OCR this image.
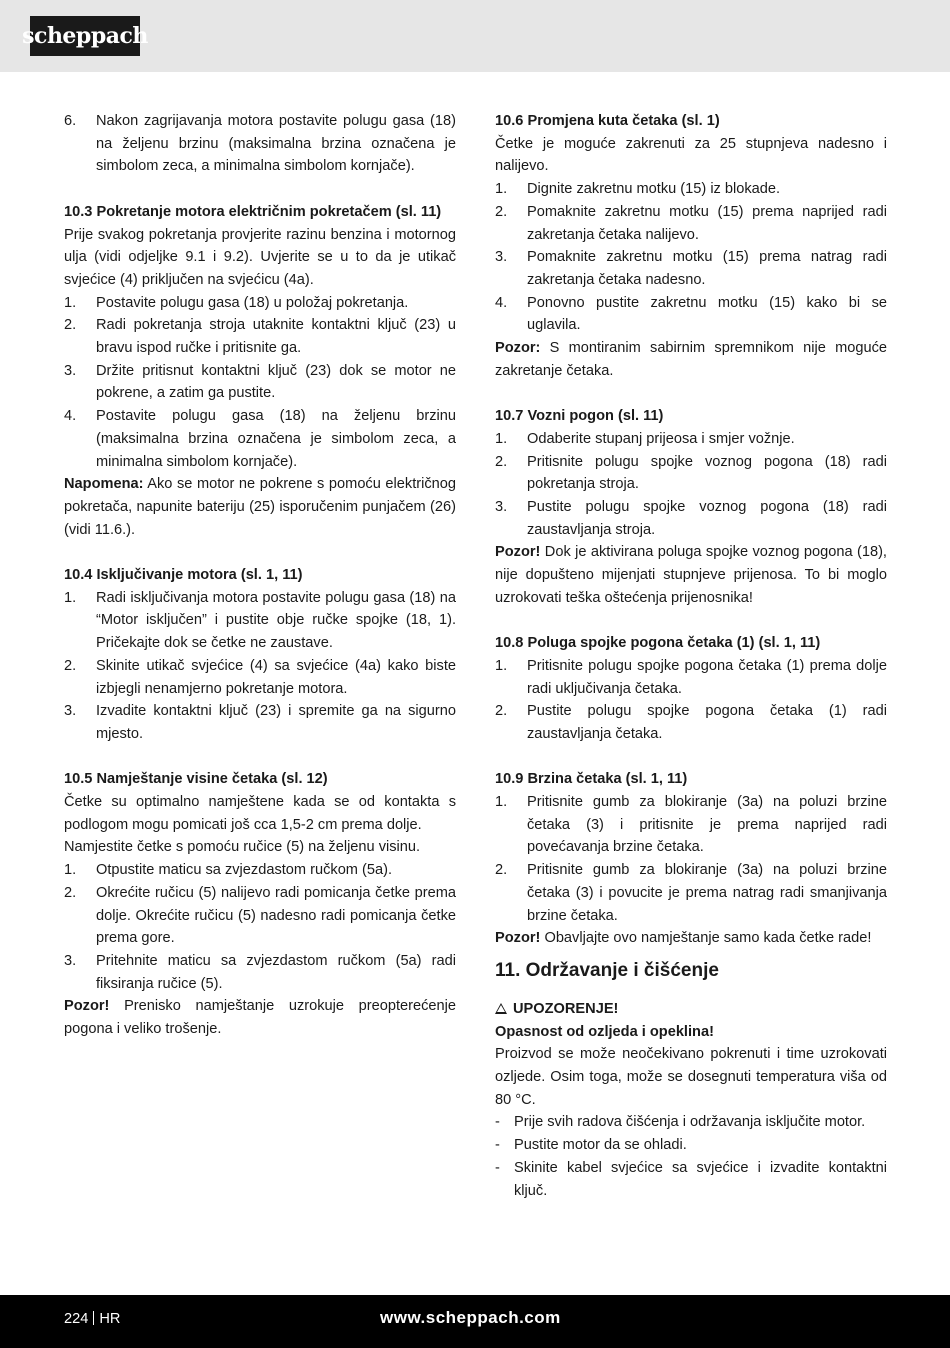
scheppach
6.	Nakon zagrijavanja motora postavite polugu gasa (18) na željenu brzinu (maksimalna brzina označena je simbolom zeca, a minimalna simbolom kornjače).

10.3 Pokretanje motora električnim pokretačem (sl. 11)

Prije svakog pokretanja provjerite razinu benzina i motornog ulja (vidi odjeljke 9.1 i 9.2). Uvjerite se u to da je utikač svjećice (4) priključen na svjećicu (4a).

1.	Postavite polugu gasa (18) u položaj pokretanja.
2.	Radi pokretanja stroja utaknite kontaktni ključ (23) u bravu ispod ručke i pritisnite ga.
3.	Držite pritisnut kontaktni ključ (23) dok se motor ne pokrene, a zatim ga pustite.
4.	Postavite polugu gasa (18) na željenu brzinu (maksimalna brzina označena je simbolom zeca, a minimalna simbolom kornjače).

Napomena: Ako se motor ne pokrene s pomoću električnog pokretača, napunite bateriju (25) isporučenim punjačem (26) (vidi 11.6.).

10.4 Isključivanje motora (sl. 1, 11)

1.	Radi isključivanja motora postavite polugu gasa (18) na “Motor isključen” i pustite obje ručke spojke (18, 1). Pričekajte dok se četke ne zaustave.
2.	Skinite utikač svjećice (4) sa svjećice (4a) kako biste izbjegli nenamjerno pokretanje motora.
3.	Izvadite kontaktni ključ (23) i spremite ga na sigurno mjesto.

10.5 Namještanje visine četaka (sl. 12)

Četke su optimalno namještene kada se od kontakta s podlogom mogu pomicati još cca 1,5-2 cm prema dolje.

Namjestite četke s pomoću ručice (5) na željenu visinu.

1.	Otpustite maticu sa zvjezdastom ručkom (5a).
2.	Okrećite ručicu (5) nalijevo radi pomicanja četke prema dolje. Okrećite ručicu (5) nadesno radi pomicanja četke prema gore.
3.	Pritehnite maticu sa zvjezdastom ručkom (5a) radi fiksiranja ručice (5).

Pozor! Prenisko namještanje uzrokuje preopterećenje pogona i veliko trošenje.

10.6 Promjena kuta četaka (sl. 1)

Četke je moguće zakrenuti za 25 stupnjeva nadesno i nalijevo.

1.	Dignite zakretnu motku (15) iz blokade.
2.	Pomaknite zakretnu motku (15) prema naprijed radi zakretanja četaka nalijevo.
3.	Pomaknite zakretnu motku (15) prema natrag radi zakretanja četaka nadesno.
4.	Ponovno pustite zakretnu motku (15) kako bi se uglavila.

Pozor: S montiranim sabirnim spremnikom nije moguće zakretanje četaka.

10.7 Vozni pogon (sl. 11)

1.	Odaberite stupanj prijeosa i smjer vožnje.
2.	Pritisnite polugu spojke voznog pogona (18) radi pokretanja stroja.
3.	Pustite polugu spojke voznog pogona (18) radi zaustavljanja stroja.

Pozor! Dok je aktivirana poluga spojke voznog pogona (18), nije dopušteno mijenjati stupnjeve prijenosa. To bi moglo uzrokovati teška oštećenja prijenosnika!

10.8 Poluga spojke pogona četaka (1) (sl. 1, 11)

1.	Pritisnite polugu spojke pogona četaka (1) prema dolje radi uključivanja četaka.
2.	Pustite polugu spojke pogona četaka (1) radi zaustavljanja četaka.

10.9 Brzina četaka (sl. 1, 11)

1.	Pritisnite gumb za blokiranje (3a) na poluzi brzine četaka (3) i pritisnite je prema naprijed radi povećavanja brzine četaka.
2.	Pritisnite gumb za blokiranje (3a) na poluzi brzine četaka (3) i povucite je prema natrag radi smanjivanja brzine četaka.

Pozor! Obavljajte ovo namještanje samo kada četke rade!

11. Održavanje i čišćenje

UPOZORENJE!

Opasnost od ozljeda i opeklina!

Proizvod se može neočekivano pokrenuti i time uzrokovati ozljede. Osim toga, može se dosegnuti temperatura viša od 80 °C.

- Prije svih radova čišćenja i održavanja isključite motor.
- Pustite motor da se ohladi.
- Skinite kabel svjećice sa svjećice i izvadite kontaktni ključ.
224 HR	www.scheppach.com
